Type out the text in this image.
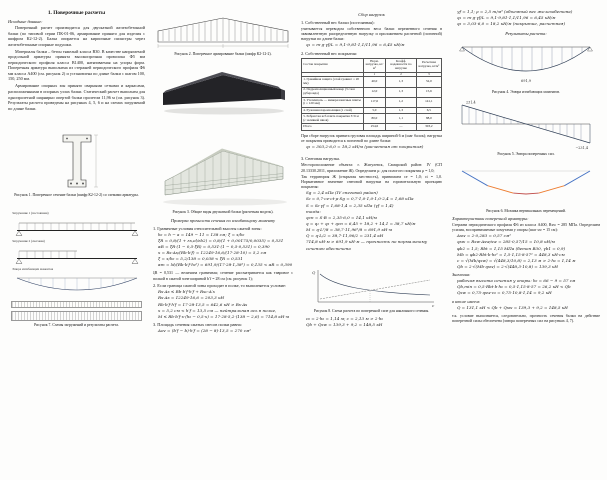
1. Поверочные расчеты
Исходные данные:
Поверочный расчет производится для двускатной железобетонной балки (по типовой серии ПК-01-06, армирование принято для изделия с шифром К2-12-2). Балка опирается на кирпичные пилястры через железобетонные опорные подушки.
Материалы балки – бетон тяжелый класса В30. В качестве напрягаемой продольной арматуры принята высокопрочная проволока Ф5 мм периодического профиля класса В1400, натягиваемая на упоры форм. Поперечная арматура выполнена из стержней периодического профиля Ф6 мм класса А400 (см. рисунок 2) и установлена по длине балки с шагом 100, 150, 250 мм.
Армирование опорных зон принято сварными сетками и каркасами, расположенными в опорных узлах балки. Статический расчет выполнен для однопролетной шарнирно опертой балки пролетом 11,96 м (см. рисунок 3). Результаты расчета приведены на рисунках 4, 5, 6 и на схемах загружений по длине балки.
Рисунок 1. Поперечное сечение балки (шифр К2-12-2) со схемами арматуры.
Загружение 1 (постоянная)
Загружение 2 (снеговая)
Эпюра изгибающих моментов
Рисунок 7. Схемы загружений и результаты расчета.
Рисунок 2. Поперечное армирование балки (шифр К2-12-2).
Рисунок 3. Общие виды двускатной балки (расчетная модель).
Проверка прочности сечения по изгибающему моменту
1. Граничные условия относительной высоты сжатой зоны:
h₀ = h − a = 149 − 11 = 138 см; ξ = x/h₀
ξR = 0,8/(1 + εs,el/εb2) = 0,8/(1 + 0,00175/0,0035) = 0,531
αR = ξR·(1 − 0,5·ξR) = 0,531·(1 − 0,5·0,531) = 0,390
x = Rs·As/(Rb·b′f) = 12249·16,6/(17·28·10) = 5,2 см
ξ = x/h₀ = 5,2/138 = 0,038 < ξR = 0,531
αm = M/(Rb·b′f·h₀²) = 691,9/(17·28·1,38²) = 0,135 < αR = 0,390
ξR = 0,531 — величина граничная; сечение рассматривается как тавровое с полкой в сжатой зоне шириной b′f = 28 см (см. рисунок 1);
2. Если граница сжатой зоны проходит в полке, то выполняется условие:
Rs·As ≤ Rb·b′f·h′f + Rsc·A′s
Rs·As = 12249·16,6 = 203,3 кН
Rb·b′f·h′f = 17·28·13,5 = 642,6 кН > Rs·As
x = 5,2 см < h′f = 13,5 см — нейтральная ось в полке,
M ≤ Rb·b′f·x·(h₀ − 0,5·x) = 17·28·5,2·(138 − 2,6) = 714,8 кН·м
3. Площадь сечения сжатых свесов полки равна:
Aov = (b′f − b)·h′f = (28 − 8)·13,5 = 270 см²
Сбор нагрузок
1. Собственный вес балки (постоянная):
учитывается переводом собственного веса балки переменного сечения в эквивалентную распределенную нагрузку и приложением расчетной (погонной) нагрузки по длине балки:
q₁ = m·g·γf/L = 9,1·9,81·1,1/11,96 = 6,45 кН/м
2. Собственный вес покрытия:
Состав покрытия	Норм. нагрузка, кг/м²	Коэфф. надежности по нагрузке	Расчетная нагрузка, кг/м²
	1	2	3
1. Гравийная защита (слой гравия t = 20 мм)	40,0	1,3	52,0
2. Гидроизоляционный ковер (3 слоя рубероида)	12,0	1,3	15,6
3. Утеплитель — минераловатные плиты (t = 120 мм)	117,6	1,2	141,1
4. Рулонная пароизоляция (1 слой)	5,0	1,3	6,5
5. Ребристая ж/б плита покрытия 3×6 м (с заливкой швов)	80,0	1,1	88,0
Итого	254,6	—	303,2
При сборе нагрузок принята грузовая площадь шириной 6 м (шаг балок); нагрузка от покрытия приводится к погонной по длине балки:
q₂ = 303,2·6,0 = 18,2 кН/м (расчетная от покрытия)
3. Снеговая нагрузка.
Местороположение объекта: г. Жигулевск, Самарский район: IV (СП 20.13330.2011, приложение Ж). Определяем μ: для пологого покрытия μ = 1,0;
Так территория Ж (открытая местность), принимаем сe = 1,0; сt = 1,0. Нормативное значение снеговой нагрузки на горизонтальную проекцию покрытия:
Sg = 2,4 кПа (IV снеговой район)
S₀ = 0,7·ce·ct·μ·Sg = 0,7·1,0·1,0·1,0·2,4 = 1,68 кПа
S = S₀·γf = 1,68·1,4 = 2,35 кПа (γf = 1,4)
тогда:
qсн = S·B = 2,35·6,0 = 14,1 кН/м
q = q₁ + q₂ + qсн = 6,45 + 18,2 + 14,1 = 38,7 кН/м
M = q·L²/8 = 38,7·11,96²/8 = 691,9 кН·м
Q = q·L/2 = 38,7·11,96/2 = 231,4 кН
714,8 кН·м > 691,9 кН·м — прочность по нормальному сечению обеспечена
Q
c
Рисунок 8. Схема расчета по поперечной силе для наклонного сечения.
c₀ = 2·h₀ = 1,14 м; c = 2,13 м > 2·h₀
Qb + Qsw = 139,3 + 9,2 = 148,5 кН
γf = 1,1; ρ = 2,5 т/м³ (объемный вес железобетона)
q₁ = m·g·γf/L = 9,1·9,81·1,1/11,96 = 6,45 кН/м
q₂ = 3,03·6,0 = 18,2 кН/м (покрытие, расчетная)
Результаты расчета:
691,9
Рисунок 4. Эпюра изгибающих моментов.
231,4
−231,4
Рисунок 5. Эпюра поперечных сил.
Рисунок 6. Мозаика вертикальных перемещений.
Характеристики поперечной арматуры:
Стержни периодического профиля Ф6 из класса А400, Rsw = 285 МПа. Определяем усилия, воспринимаемые хомутами у опоры (шаг sw = 15 см):
Asw = 2·0,283 = 0,57 см²
qsw = Rsw·Asw/sw = 285·0,57/15 = 10,8 кН/м
φb2 = 1,5; Rbt = 1,15 МПа (бетон В30, γb1 = 0,9)
Mb = φb2·Rbt·b·h₀² = 1,5·1,15·8·57² = 448,3 кН·см
c = √(Mb/qsw) = √(448,3/10,8) = 2,13 м > 2·h₀ = 1,14 м
Qb = 2·√(Mb·qsw) = 2·√(448,3·10,8) = 139,3 кН
Значения:
рабочая высота сечения у опоры: h₀ = 66 − 9 = 57 см
Qb,min = 0,5·Rbt·b·h₀ = 0,5·1,15·8·57 = 26,2 кН < Qb
Qsw = 0,75·qsw·c₀ = 0,75·10,8·1,14 = 9,2 кН
в итоге имеем:
Q = 131,1 кН < Qb + Qsw = 139,3 + 9,2 = 148,5 кН
т.к. условие выполняется, следовательно, прочность сечения балки на действие поперечной силы обеспечена (эпюра поперечных сил на рисунках 4, 7).
